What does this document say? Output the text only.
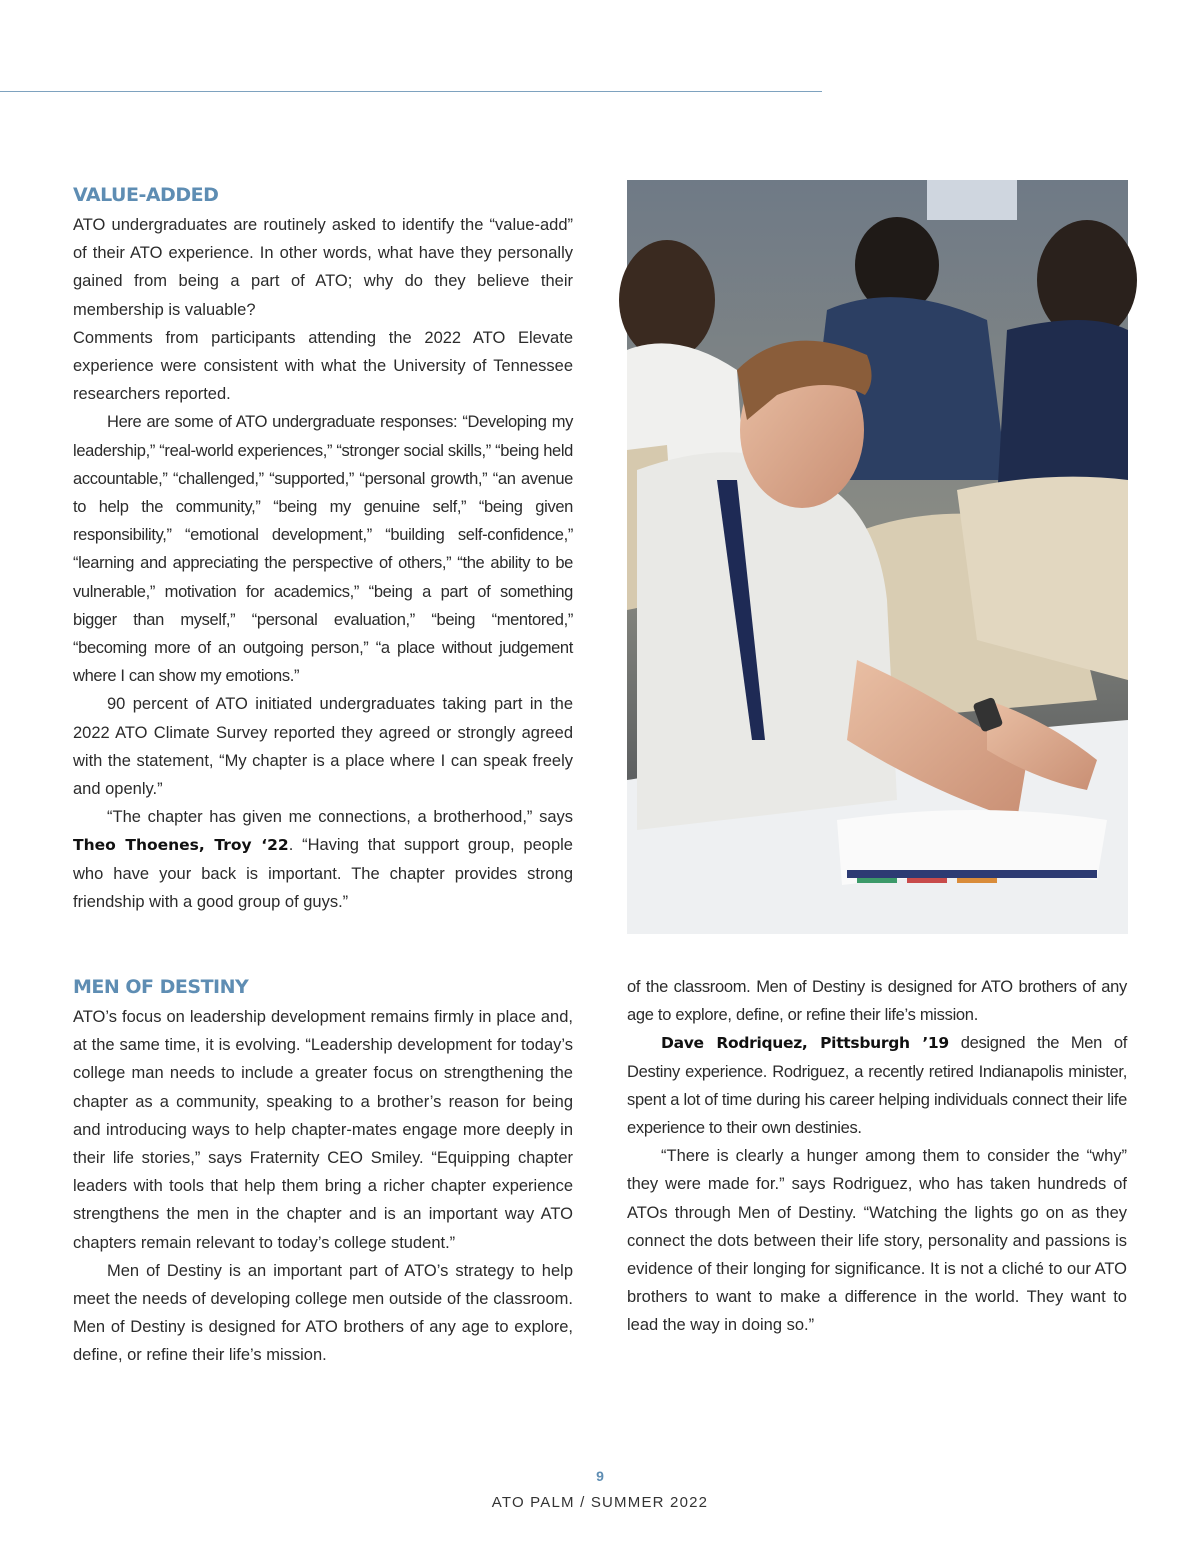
VALUE-ADDED

ATO undergraduates are routinely asked to identify the “value-add” of their ATO experience. In other words, what have they personally gained from being a part of ATO; why do they believe their membership is valuable?

Comments from participants attending the 2022 ATO Elevate experience were consistent with what the University of Tennessee researchers reported.

Here are some of ATO undergraduate responses: “Developing my leadership,” “real-world experiences,” “stronger social skills,” “being held accountable,” “challenged,” “supported,” “personal growth,” “an avenue to help the community,” “being my genuine self,” “being given responsibility,” “emotional development,” “building self-confidence,” “learning and appreciating the perspective of others,” “the ability to be vulnerable,” motivation for academics,” “being a part of something bigger than myself,” “personal evaluation,” “being “mentored,” “becoming more of an outgoing person,” “a place without judgement where I can show my emotions.”

90 percent of ATO initiated undergraduates taking part in the 2022 ATO Climate Survey reported they agreed or strongly agreed with the statement, “My chapter is a place where I can speak freely and openly.”

“The chapter has given me connections, a brotherhood,” says Theo Thoenes, Troy ‘22. “Having that support group, people who have your back is important. The chapter provides strong friendship with a good group of guys.”

MEN OF DESTINY

ATO’s focus on leadership development remains firmly in place and, at the same time, it is evolving. “Leadership development for today’s college man needs to include a greater focus on strengthening the chapter as a community, speaking to a brother’s reason for being and introducing ways to help chapter-mates engage more deeply in their life stories,” says Fraternity CEO Smiley. “Equipping chapter leaders with tools that help them bring a richer chapter experience strengthens the men in the chapter and is an important way ATO chapters remain relevant to today’s college student.”

Men of Destiny is an important part of ATO’s strategy to help meet the needs of developing college men outside of the classroom. Men of Destiny is designed for ATO brothers of any age to explore, define, or refine their life’s mission.

of the classroom. Men of Destiny is designed for ATO brothers of any age to explore, define, or refine their life’s mission.

Dave Rodriquez, Pittsburgh ’19 designed the Men of Destiny experience. Rodriguez, a recently retired Indianapolis minister, spent a lot of time during his career helping individuals connect their life experience to their own destinies.

“There is clearly a hunger among them to consider the “why” they were made for.” says Rodriguez, who has taken hundreds of ATOs through Men of Destiny. “Watching the lights go on as they connect the dots between their life story, personality and passions is evidence of their longing for significance. It is not a cliché to our ATO brothers to want to make a difference in the world. They want to lead the way in doing so.”

9
ATO PALM / SUMMER 2022
